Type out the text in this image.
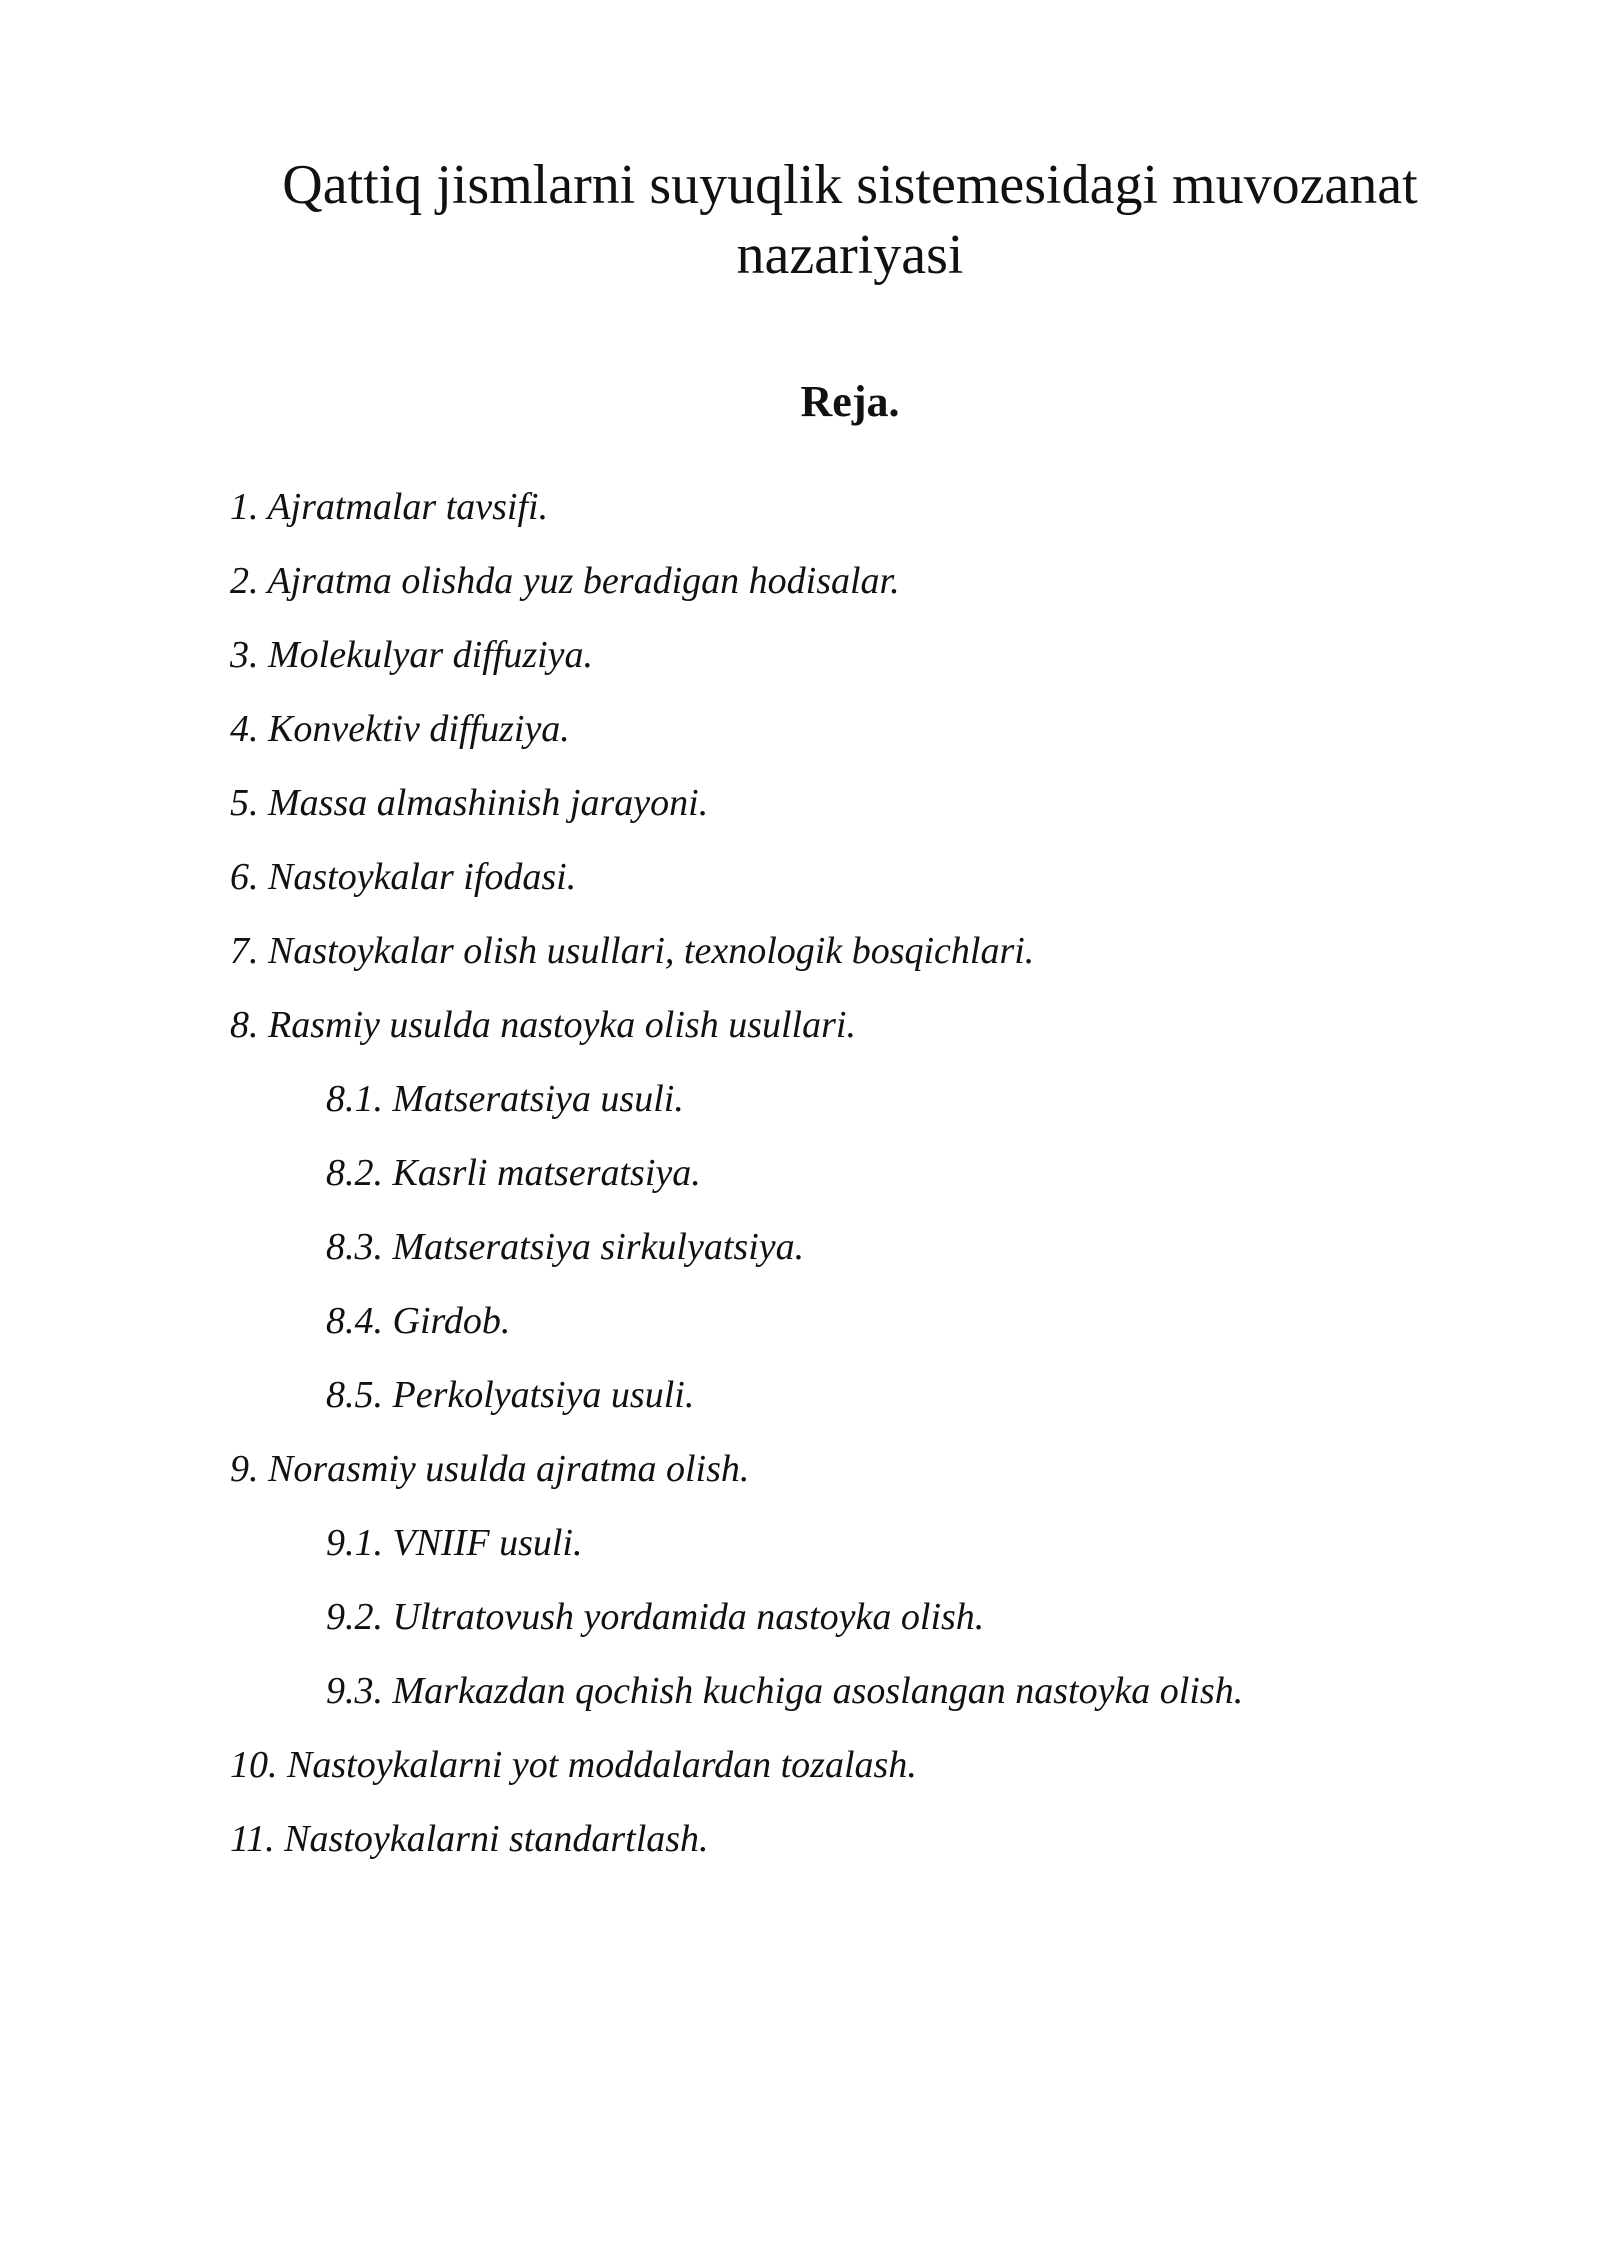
Qattiq jismlarni suyuqlik sistemesidagi muvozanat
nazariyasi
Reja.
1. Ajratmalar tavsifi.
2. Ajratma olishda yuz beradigan hodisalar.
3. Molekulyar diffuziya.
4. Konvektiv diffuziya.
5. Massa almashinish jarayoni.
6. Nastoykalar ifodasi.
7. Nastoykalar olish usullari, texnologik bosqichlari.
8. Rasmiy usulda nastoyka olish usullari.
8.1. Matseratsiya usuli.
8.2. Kasrli matseratsiya.
8.3. Matseratsiya sirkulyatsiya.
8.4. Girdob.
8.5. Perkolyatsiya usuli.
9. Norasmiy usulda ajratma olish.
9.1. VNIIF usuli.
9.2. Ultratovush yordamida nastoyka olish.
9.3. Markazdan qochish kuchiga asoslangan nastoyka olish.
10. Nastoykalarni yot moddalardan tozalash.
11. Nastoykalarni standartlash.
